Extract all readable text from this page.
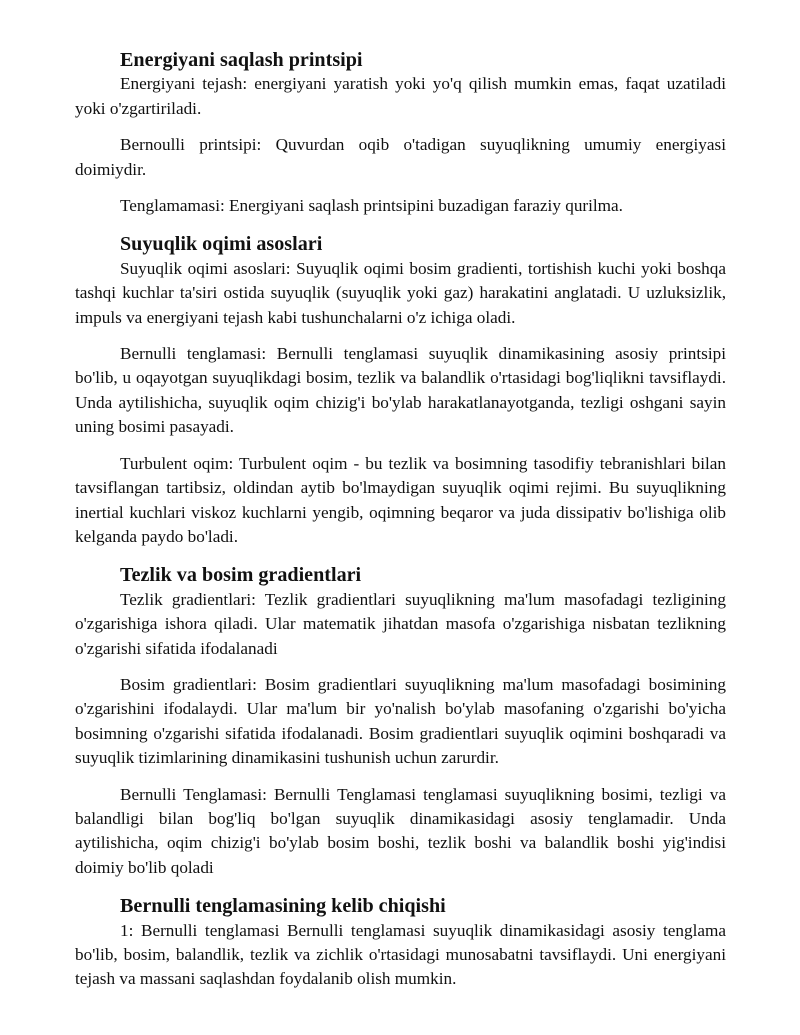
Energiyani saqlash printsipi

Energiyani tejash: energiyani yaratish yoki yo'q qilish mumkin emas, faqat uzatiladi yoki o'zgartiriladi.

Bernoulli printsipi: Quvurdan oqib o'tadigan suyuqlikning umumiy energiyasi doimiydir.

Tenglamamasi: Energiyani saqlash printsipini buzadigan faraziy qurilma.

Suyuqlik oqimi asoslari

Suyuqlik oqimi asoslari: Suyuqlik oqimi bosim gradienti, tortishish kuchi yoki boshqa tashqi kuchlar ta'siri ostida suyuqlik (suyuqlik yoki gaz) harakatini anglatadi. U uzluksizlik, impuls va energiyani tejash kabi tushunchalarni o'z ichiga oladi.

Bernulli tenglamasi: Bernulli tenglamasi suyuqlik dinamikasining asosiy printsipi bo'lib, u oqayotgan suyuqlikdagi bosim, tezlik va balandlik o'rtasidagi bog'liqlikni tavsiflaydi. Unda aytilishicha, suyuqlik oqim chizig'i bo'ylab harakatlanayotganda, tezligi oshgani sayin uning bosimi pasayadi.

Turbulent oqim: Turbulent oqim - bu tezlik va bosimning tasodifiy tebranishlari bilan tavsiflangan tartibsiz, oldindan aytib bo'lmaydigan suyuqlik oqimi rejimi. Bu suyuqlikning inertial kuchlari viskoz kuchlarni yengib, oqimning beqaror va juda dissipativ bo'lishiga olib kelganda paydo bo'ladi.

Tezlik va bosim gradientlari

Tezlik gradientlari: Tezlik gradientlari suyuqlikning ma'lum masofadagi tezligining o'zgarishiga ishora qiladi. Ular matematik jihatdan masofa o'zgarishiga nisbatan tezlikning o'zgarishi sifatida ifodalanadi

Bosim gradientlari: Bosim gradientlari suyuqlikning ma'lum masofadagi bosimining o'zgarishini ifodalaydi. Ular ma'lum bir yo'nalish bo'ylab masofaning o'zgarishi bo'yicha bosimning o'zgarishi sifatida ifodalanadi. Bosim gradientlari suyuqlik oqimini boshqaradi va suyuqlik tizimlarining dinamikasini tushunish uchun zarurdir.

Bernulli Tenglamasi: Bernulli Tenglamasi tenglamasi suyuqlikning bosimi, tezligi va balandligi bilan bog'liq bo'lgan suyuqlik dinamikasidagi asosiy tenglamadir. Unda aytilishicha, oqim chizig'i bo'ylab bosim boshi, tezlik boshi va balandlik boshi yig'indisi doimiy bo'lib qoladi

Bernulli tenglamasining kelib chiqishi

1: Bernulli tenglamasi Bernulli tenglamasi suyuqlik dinamikasidagi asosiy tenglama bo'lib, bosim, balandlik, tezlik va zichlik o'rtasidagi munosabatni tavsiflaydi. Uni energiyani tejash va massani saqlashdan foydalanib olish mumkin.
